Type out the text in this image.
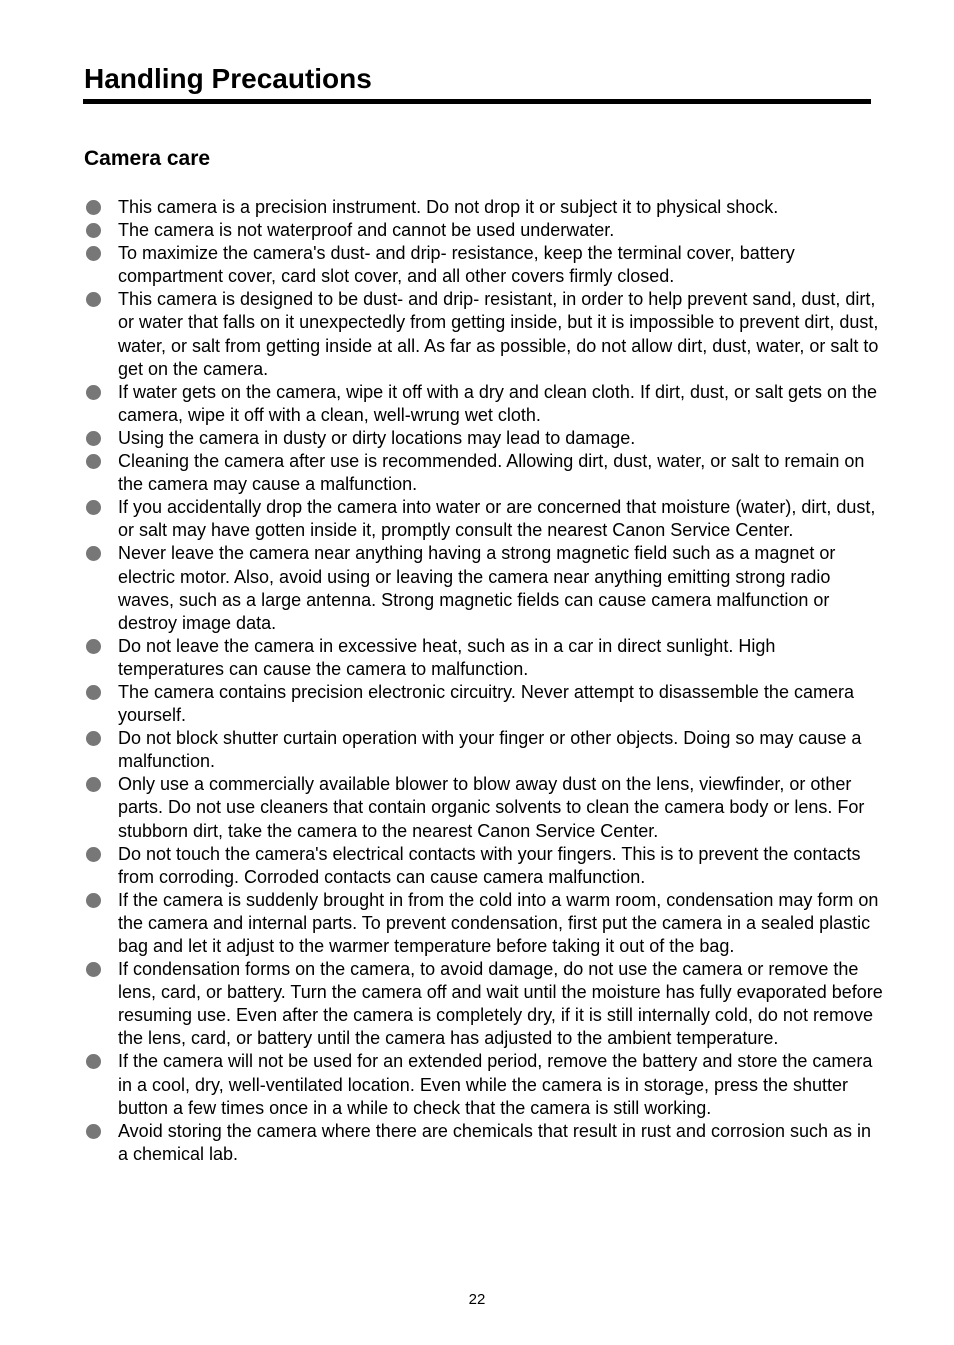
Handling Precautions
Camera care
This camera is a precision instrument. Do not drop it or subject it to physical shock.
The camera is not waterproof and cannot be used underwater.
To maximize the camera's dust- and drip- resistance, keep the terminal cover, battery compartment cover, card slot cover, and all other covers firmly closed.
This camera is designed to be dust- and drip- resistant, in order to help prevent sand, dust, dirt, or water that falls on it unexpectedly from getting inside, but it is impossible to prevent dirt, dust, water, or salt from getting inside at all. As far as possible, do not allow dirt, dust, water, or salt to get on the camera.
If water gets on the camera, wipe it off with a dry and clean cloth. If dirt, dust, or salt gets on the camera, wipe it off with a clean, well-wrung wet cloth.
Using the camera in dusty or dirty locations may lead to damage.
Cleaning the camera after use is recommended. Allowing dirt, dust, water, or salt to remain on the camera may cause a malfunction.
If you accidentally drop the camera into water or are concerned that moisture (water), dirt, dust, or salt may have gotten inside it, promptly consult the nearest Canon Service Center.
Never leave the camera near anything having a strong magnetic field such as a magnet or electric motor. Also, avoid using or leaving the camera near anything emitting strong radio waves, such as a large antenna. Strong magnetic fields can cause camera malfunction or destroy image data.
Do not leave the camera in excessive heat, such as in a car in direct sunlight. High temperatures can cause the camera to malfunction.
The camera contains precision electronic circuitry. Never attempt to disassemble the camera yourself.
Do not block shutter curtain operation with your finger or other objects. Doing so may cause a malfunction.
Only use a commercially available blower to blow away dust on the lens, viewfinder, or other parts. Do not use cleaners that contain organic solvents to clean the camera body or lens. For stubborn dirt, take the camera to the nearest Canon Service Center.
Do not touch the camera's electrical contacts with your fingers. This is to prevent the contacts from corroding. Corroded contacts can cause camera malfunction.
If the camera is suddenly brought in from the cold into a warm room, condensation may form on the camera and internal parts. To prevent condensation, first put the camera in a sealed plastic bag and let it adjust to the warmer temperature before taking it out of the bag.
If condensation forms on the camera, to avoid damage, do not use the camera or remove the lens, card, or battery. Turn the camera off and wait until the moisture has fully evaporated before resuming use. Even after the camera is completely dry, if it is still internally cold, do not remove the lens, card, or battery until the camera has adjusted to the ambient temperature.
If the camera will not be used for an extended period, remove the battery and store the camera in a cool, dry, well-ventilated location. Even while the camera is in storage, press the shutter button a few times once in a while to check that the camera is still working.
Avoid storing the camera where there are chemicals that result in rust and corrosion such as in a chemical lab.
22
